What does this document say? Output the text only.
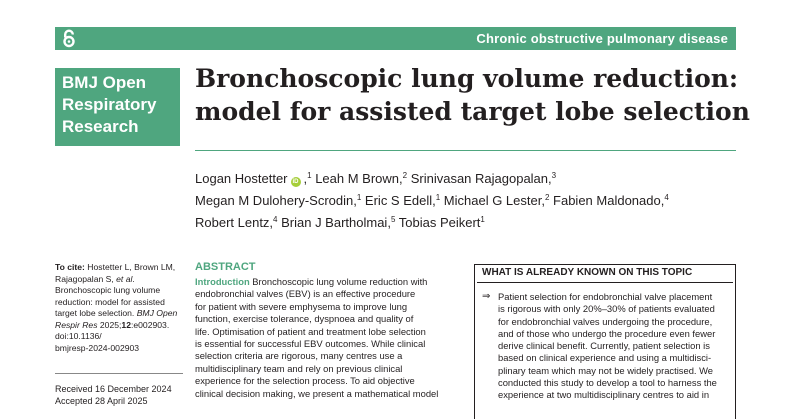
Chronic obstructive pulmonary disease
BMJ Open
Respiratory
Research
Bronchoscopic lung volume reduction:
model for assisted target lobe selection
Logan Hostetter iD ,$^1$ Leah M Brown,$^2$ Srinivasan Rajagopalan,$^3$
Megan M Dulohery-Scrodin,$^1$ Eric S Edell,$^1$ Michael G Lester,$^2$ Fabien Maldonado,$^4$
Robert Lentz,$^4$ Brian J Bartholmai,$^5$ Tobias Peikert$^1$
To cite: Hostetter L, Brown LM,
Rajagopalan S, et al.
Bronchoscopic lung volume
reduction: model for assisted
target lobe selection. BMJ Open
Respir Res 2025;12:e002903.
doi:10.1136/
bmjresp-2024-002903
Received 16 December 2024
Accepted 28 April 2025
ABSTRACT
Introduction Bronchoscopic lung volume reduction with
endobronchial valves (EBV) is an effective procedure
for patient with severe emphysema to improve lung
function, exercise tolerance, dyspnoea and quality of
life. Optimisation of patient and treatment lobe selection
is essential for successful EBV outcomes. While clinical
selection criteria are rigorous, many centres use a
multidisciplinary team and rely on previous clinical
experience for the selection process. To aid objective
clinical decision making, we present a mathematical model
WHAT IS ALREADY KNOWN ON THIS TOPIC
⇒ Patient selection for endobronchial valve placement
is rigorous with only 20%–30% of patients evaluated
for endobronchial valves undergoing the procedure,
and of those who undergo the procedure even fewer
derive clinical benefit. Currently, patient selection is
based on clinical experience and using a multidisci-
plinary team which may not be widely practised. We
conducted this study to develop a tool to harness the
experience at two multidisciplinary centres to aid in
